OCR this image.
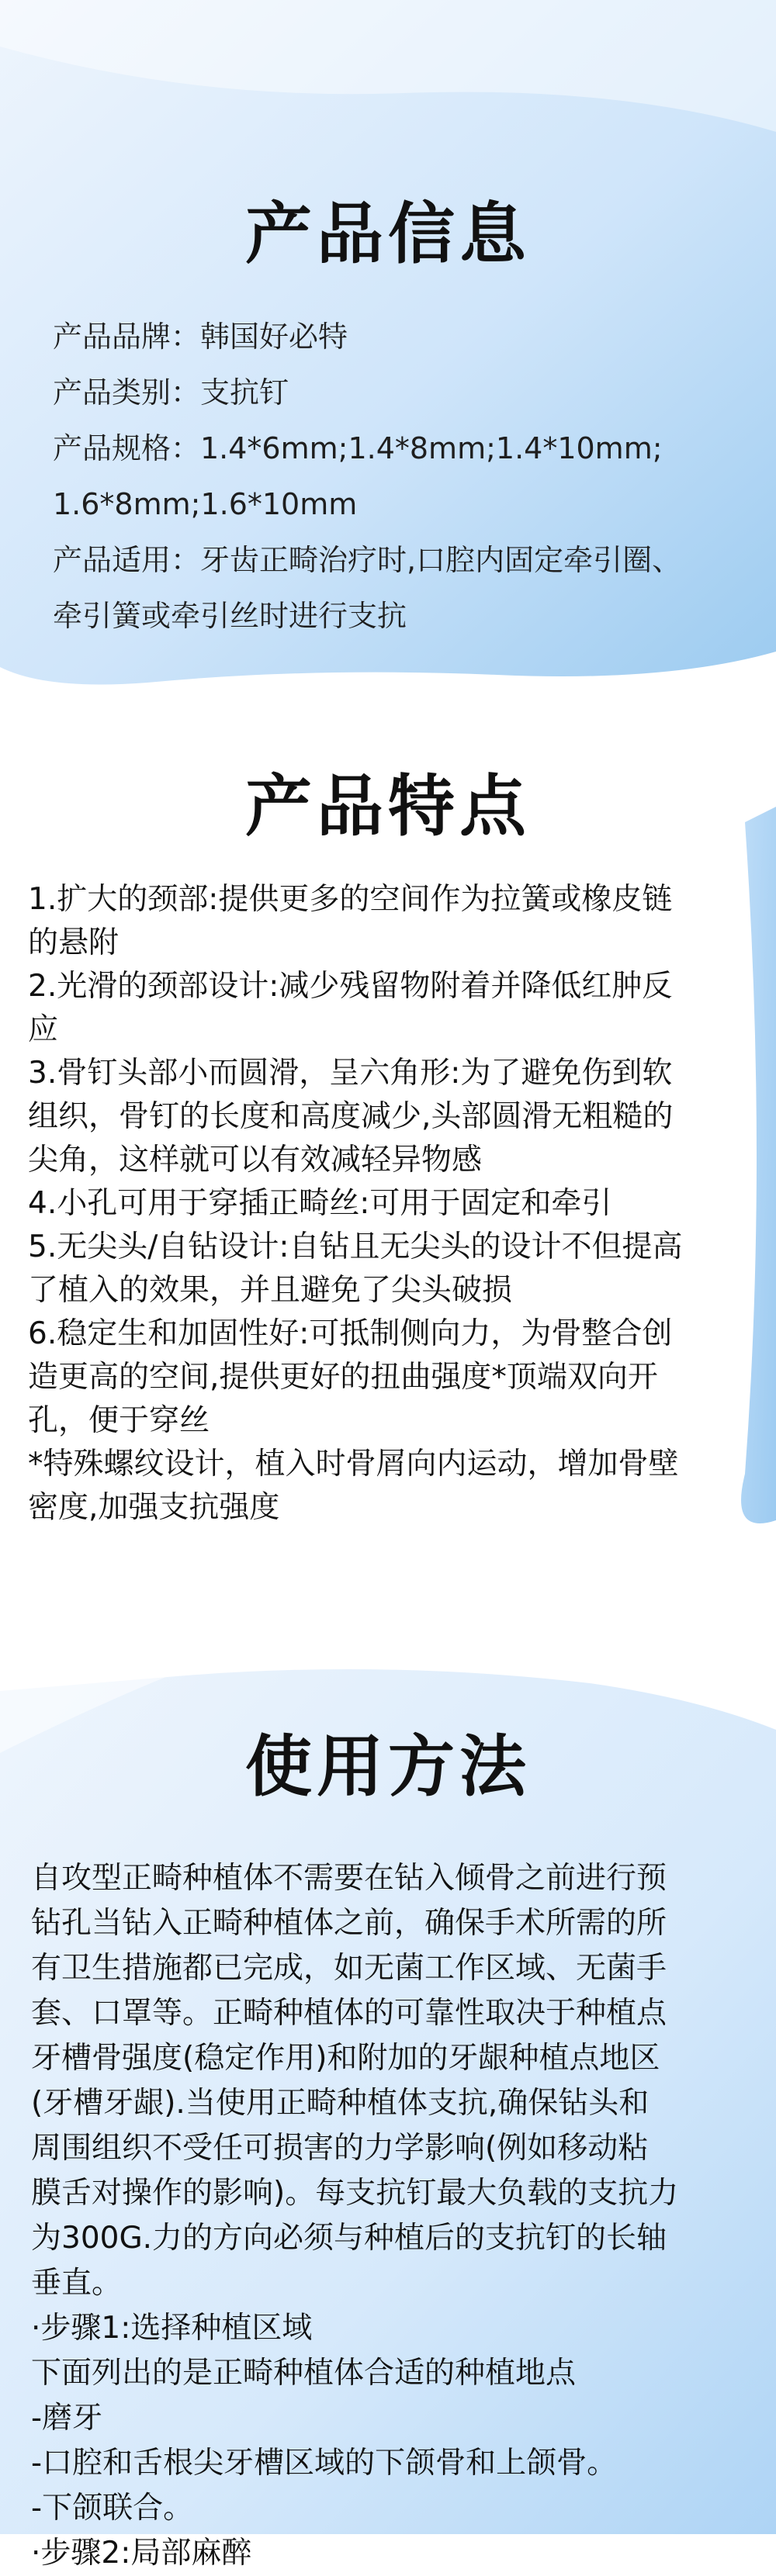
产品信息
产品品牌：韩国好必特
产品类别：支抗钉
产品规格：1.4*6mm;1.4*8mm;1.4*10mm;
1.6*8mm;1.6*10mm
产品适用：牙齿正畸治疗时,口腔内固定牵引圈、
牵引簧或牵引丝时进行支抗
产品特点
1.扩大的颈部:提供更多的空间作为拉簧或橡皮链
的悬附
2.光滑的颈部设计:减少残留物附着并降低红肿反
应
3.骨钉头部小而圆滑，呈六角形:为了避免伤到软
组织，骨钉的长度和高度减少,头部圆滑无粗糙的
尖角，这样就可以有效减轻异物感
4.小孔可用于穿插正畸丝:可用于固定和牵引
5.无尖头/自钻设计:自钻且无尖头的设计不但提高
了植入的效果，并且避免了尖头破损
6.稳定生和加固性好:可抵制侧向力，为骨整合创
造更高的空间,提供更好的扭曲强度*顶端双向开
孔，便于穿丝
*特殊螺纹设计，植入时骨屑向内运动，增加骨壁
密度,加强支抗强度
使用方法
自攻型正畸种植体不需要在钻入倾骨之前进行预
钻孔当钻入正畸种植体之前，确保手术所需的所
有卫生措施都已完成，如无菌工作区域、无菌手
套、口罩等。正畸种植体的可靠性取决于种植点
牙槽骨强度(稳定作用)和附加的牙龈种植点地区
(牙槽牙龈).当使用正畸种植体支抗,确保钻头和
周围组织不受任可损害的力学影响(例如移动粘
膜舌对操作的影响)。每支抗钉最大负载的支抗力
为300G.力的方向必须与种植后的支抗钉的长轴
垂直。
·步骤1:选择种植区域
下面列出的是正畸种植体合适的种植地点
-磨牙
-口腔和舌根尖牙槽区域的下颌骨和上颌骨。
-下颌联合。
·步骤2:局部麻醉
